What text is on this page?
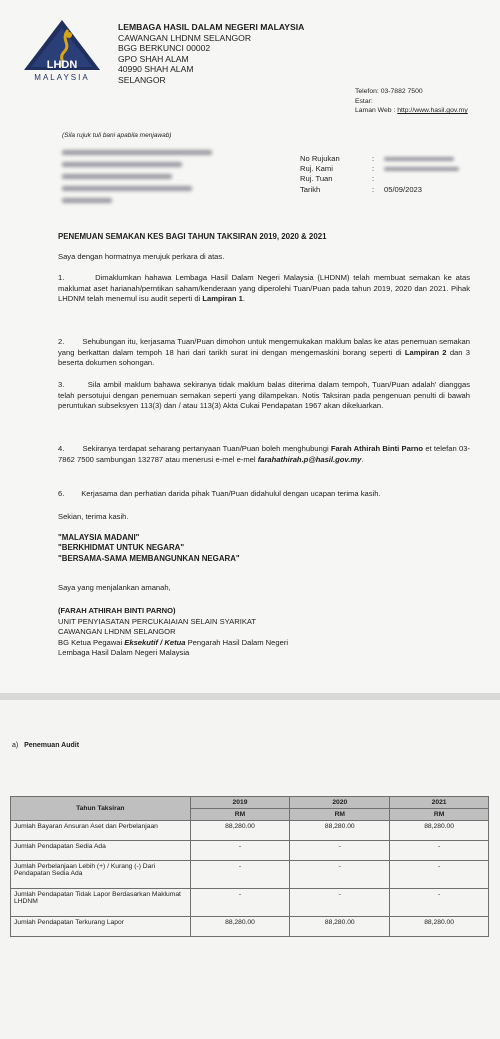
LHDN
MALAYSIA
LEMBAGA HASIL DALAM NEGERI MALAYSIA
CAWANGAN LHDNM SELANGOR
BGG BERKUNCI 00002
GPO SHAH ALAM
40990 SHAH ALAM
SELANGOR
Telefon: 03-7882 7500
Estar:
Laman Web : http://www.hasil.gov.my
(Sila rujuk tuli bani apabila menjawab)
No Rujukan	:
Ruj. Kami	:
Ruj. Tuan	:
Tarikh	:	05/09/2023
PENEMUAN SEMAKAN KES BAGI TAHUN TAKSIRAN 2019, 2020 & 2021
Saya dengan hormatnya merujuk perkara di atas.
1.	Dimaklumkan hahawa Lembaga Hasil Dalam Negeri Malaysia (LHDNM) telah membuat semakan ke atas maklumat aset harianah/perntikan saham/kenderaan yang diperolehi Tuan/Puan pada tahun 2019, 2020 dan 2021. Pihak LHDNM telah menemul isu audit seperti di Lampiran 1.
2. Sehubungan itu, kerjasama Tuan/Puan dimohon untuk mengemukakan maklum balas ke atas penemuan semakan yang berkattan dalam tempoh 18 hari dari tarikh surat ini dengan mengemaskini borang seperti di Lampiran 2 dan 3 beserta dokumen sohongan.
3.	Sila ambil maklum bahawa sekiranya tidak maklum balas diterima dalam tempoh, Tuan/Puan adalah' dianggas telah persotujui dengan penemuan semakan seperti yang dilampekan. Notis Taksiran pada pengenuan penulti di bawah peruntukan subseksyen 113(3) dan / atau 113(3) Akta Cukai Pendapatan 1967 akan dikeluarkan.
4. Sekiranya terdapat seharang pertanyaan Tuan/Puan boleh menghubungi Farah Athirah Binti Parno et telefan 03-7862 7500 sambungan 132787 atau menerusi e-mel e-mel farahathirah.p@hasil.gov.my.
6. Kerjasama dan perhatian darida pihak Tuan/Puan didahulul dengan ucapan terima kasih.
Sekian, terima kasih.
"MALAYSIA MADANI"
"BERKHIDMAT UNTUK NEGARA"
"BERSAMA-SAMA MEMBANGUNKAN NEGARA"
Saya yang menjalankan amanah,
(FARAH ATHIRAH BINTI PARNO)
UNIT PENYIASATAN PERCUKAIAIAN SELAIN SYARIKAT
CAWANGAN LHDNM SELANGOR
BG Ketua Pegawai Eksekutif / Ketua Pengarah Hasil Dalam Negeri
Lembaga Hasil Dalam Negeri Malaysia
a) Penemuan Audit
Tahun Taksiran	2019	2020	2021
	RM	RM	RM
Jumlah Bayaran Ansuran Aset dan Perbelanjaan	88,280.00	88,280.00	88,280.00
Jumlah Pendapatan Sedia Ada	-	-	-
Jumlah Perbelanjaan Lebih (+) / Kurang (-) Dari Pendapatan Sedia Ada	-	-	-
Jumlah Pendapatan Tidak Lapor Berdasarkan Maklumat LHDNM	-	-	-
Jumlah Pendapatan Terkurang Lapor	88,280.00	88,280.00	88,280.00
